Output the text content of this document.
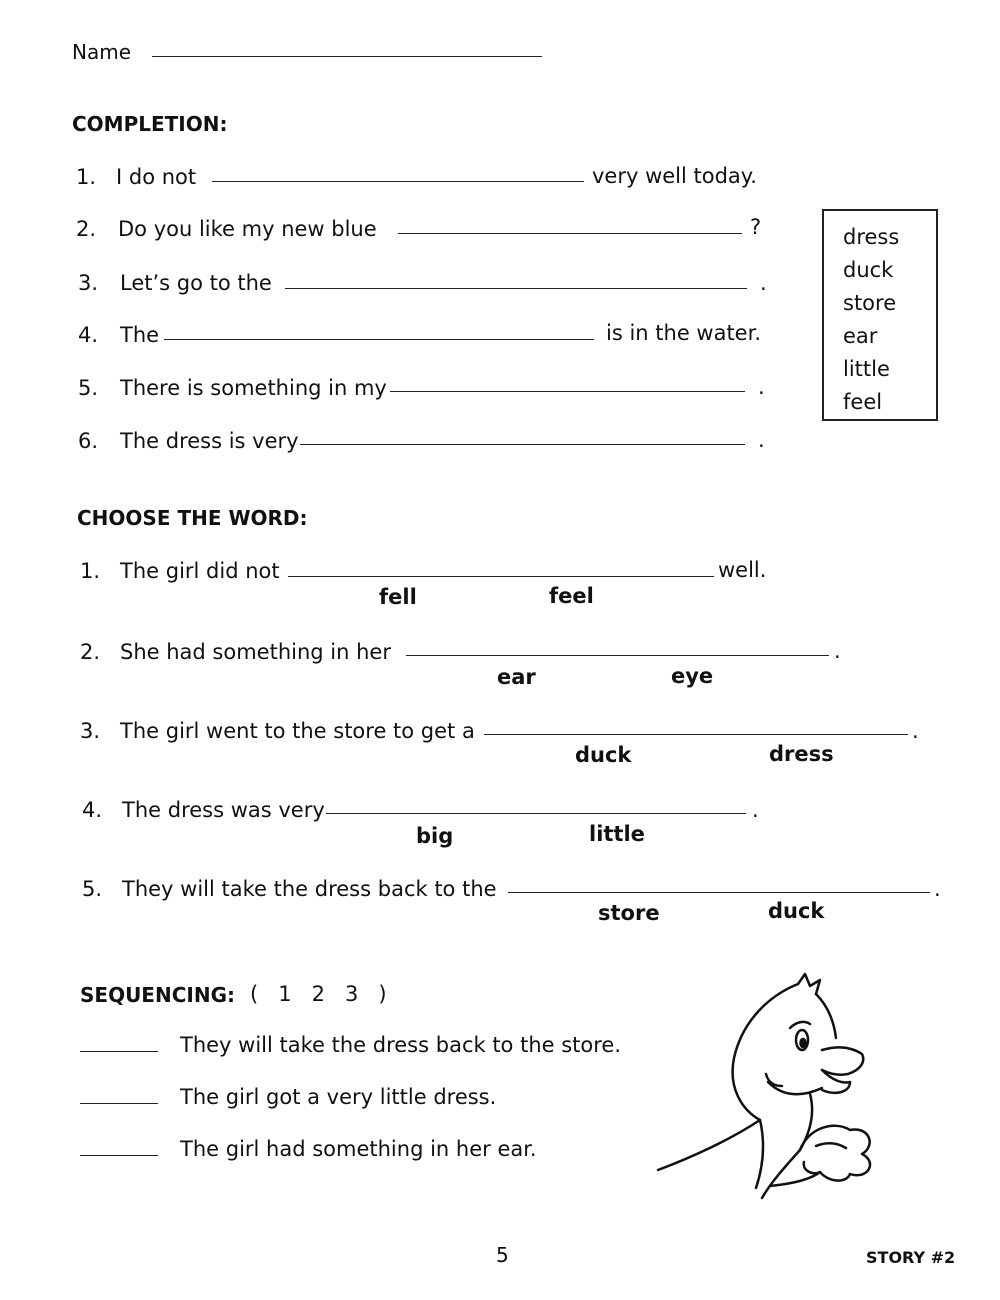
Name
COMPLETION:
1. I do not	very well today.
2. Do you like my new blue	?
3. Let’s go to the	.
4. The	is in the water.
5. There is something in my	.
6. The dress is very	.
dress
duck
store
ear
little
feel
CHOOSE THE WORD:
1. The girl did not	well.
fell	feel
2. She had something in her	.
ear	eye
3. The girl went to the store to get a	.
duck	dress
4. The dress was very	.
big	little
5. They will take the dress back to the	.
store	duck
SEQUENCING: (   1   2   3   )
They will take the dress back to the store.
The girl got a very little dress.
The girl had something in her ear.
5	STORY #2
